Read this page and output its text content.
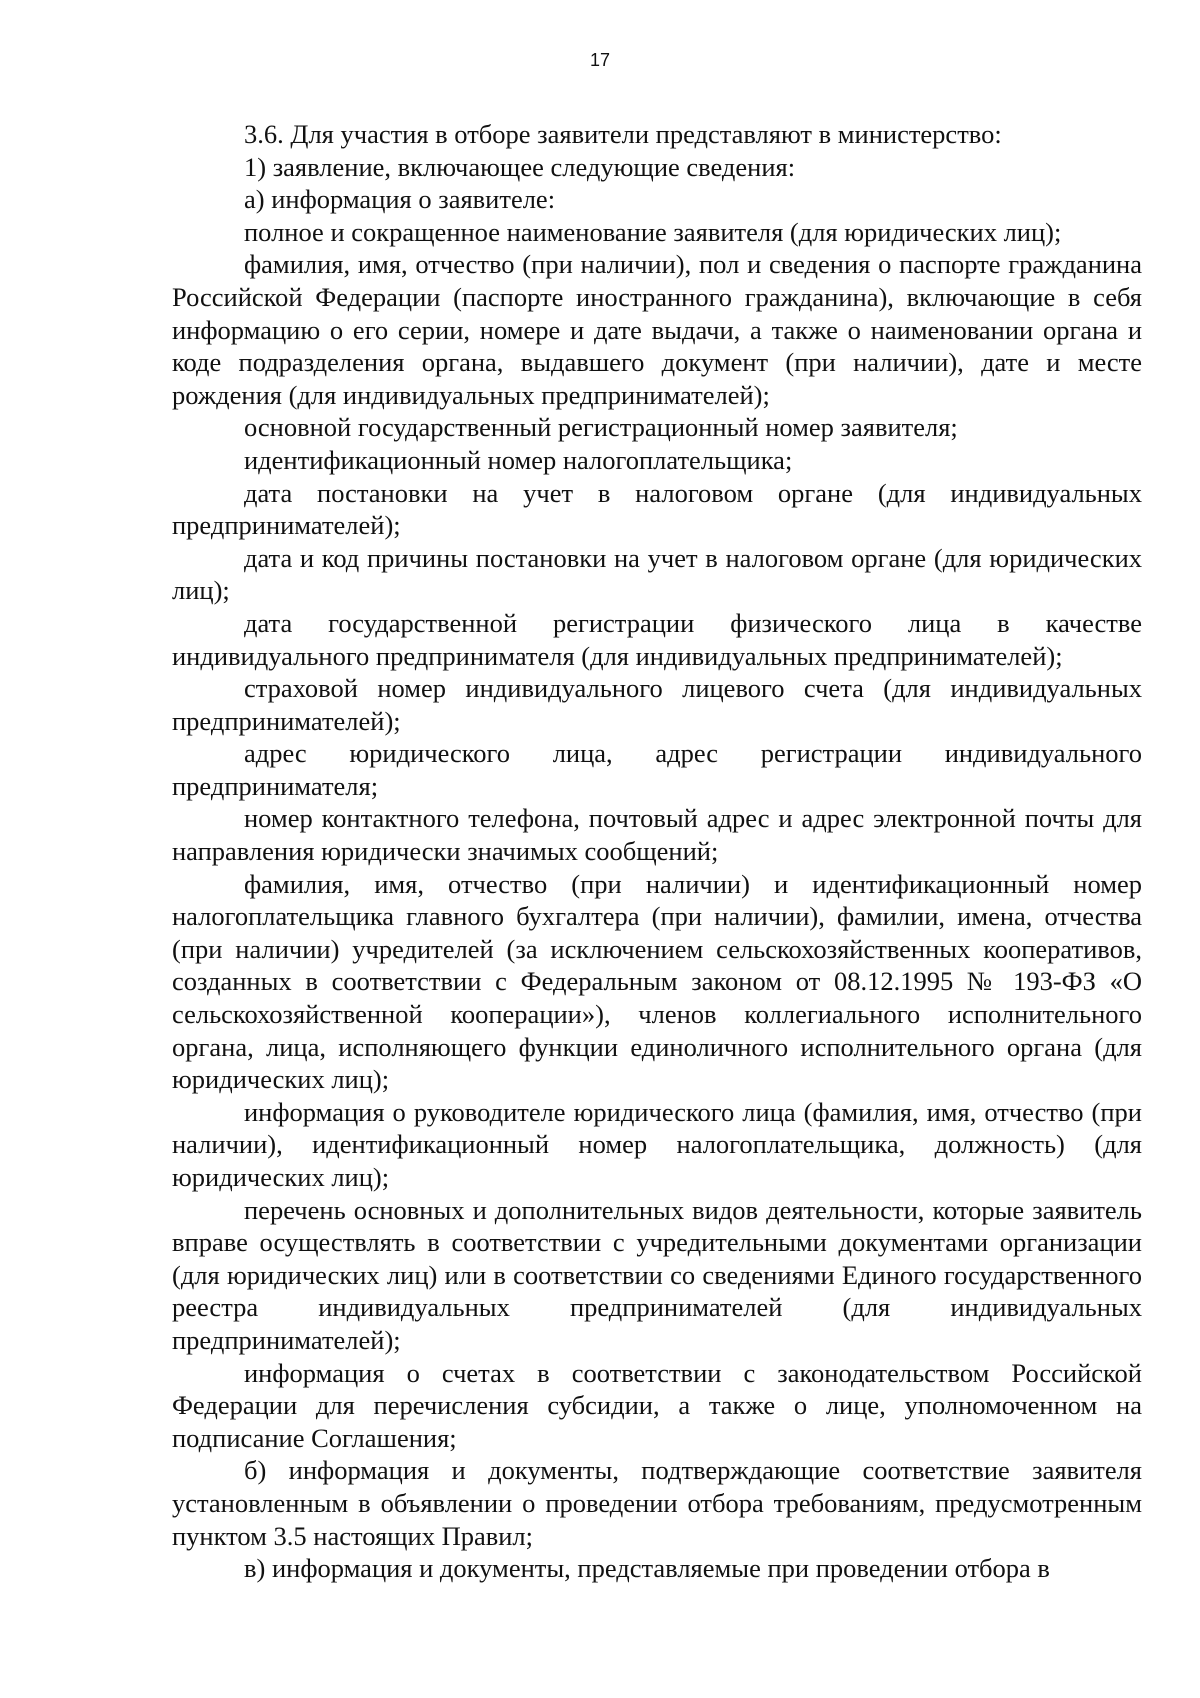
17

3.6. Для участия в отборе заявители представляют в министерство:

1) заявление, включающее следующие сведения:

а) информация о заявителе:

полное и сокращенное наименование заявителя (для юридических лиц);

фамилия, имя, отчество (при наличии), пол и сведения о паспорте гражданина Российской Федерации (паспорте иностранного гражданина), включающие в себя информацию о его серии, номере и дате выдачи, а также о наименовании органа и коде подразделения органа, выдавшего документ (при наличии), дате и месте рождения (для индивидуальных предпринимателей);

основной государственный регистрационный номер заявителя;

идентификационный номер налогоплательщика;

дата постановки на учет в налоговом органе (для индивидуальных предпринимателей);

дата и код причины постановки на учет в налоговом органе (для юридических лиц);

дата государственной регистрации физического лица в качестве индивидуального предпринимателя (для индивидуальных предпринимателей);

страховой номер индивидуального лицевого счета (для индивидуальных предпринимателей);

адрес юридического лица, адрес регистрации индивидуального предпринимателя;

номер контактного телефона, почтовый адрес и адрес электронной почты для направления юридически значимых сообщений;

фамилия, имя, отчество (при наличии) и идентификационный номер налогоплательщика главного бухгалтера (при наличии), фамилии, имена, отчества (при наличии) учредителей (за исключением сельскохозяйственных кооперативов, созданных в соответствии с Федеральным законом от 08.12.1995 № 193-ФЗ «О сельскохозяйственной кооперации»), членов коллегиального исполнительного органа, лица, исполняющего функции единоличного исполнительного органа (для юридических лиц);

информация о руководителе юридического лица (фамилия, имя, отчество (при наличии), идентификационный номер налогоплательщика, должность) (для юридических лиц);

перечень основных и дополнительных видов деятельности, которые заявитель вправе осуществлять в соответствии с учредительными документами организации (для юридических лиц) или в соответствии со сведениями Единого государственного реестра индивидуальных предпринимателей (для индивидуальных предпринимателей);

информация о счетах в соответствии с законодательством Российской Федерации для перечисления субсидии, а также о лице, уполномоченном на подписание Соглашения;

б) информация и документы, подтверждающие соответствие заявителя установленным в объявлении о проведении отбора требованиям, предусмотренным пунктом 3.5 настоящих Правил;

в) информация и документы, представляемые при проведении отбора в
